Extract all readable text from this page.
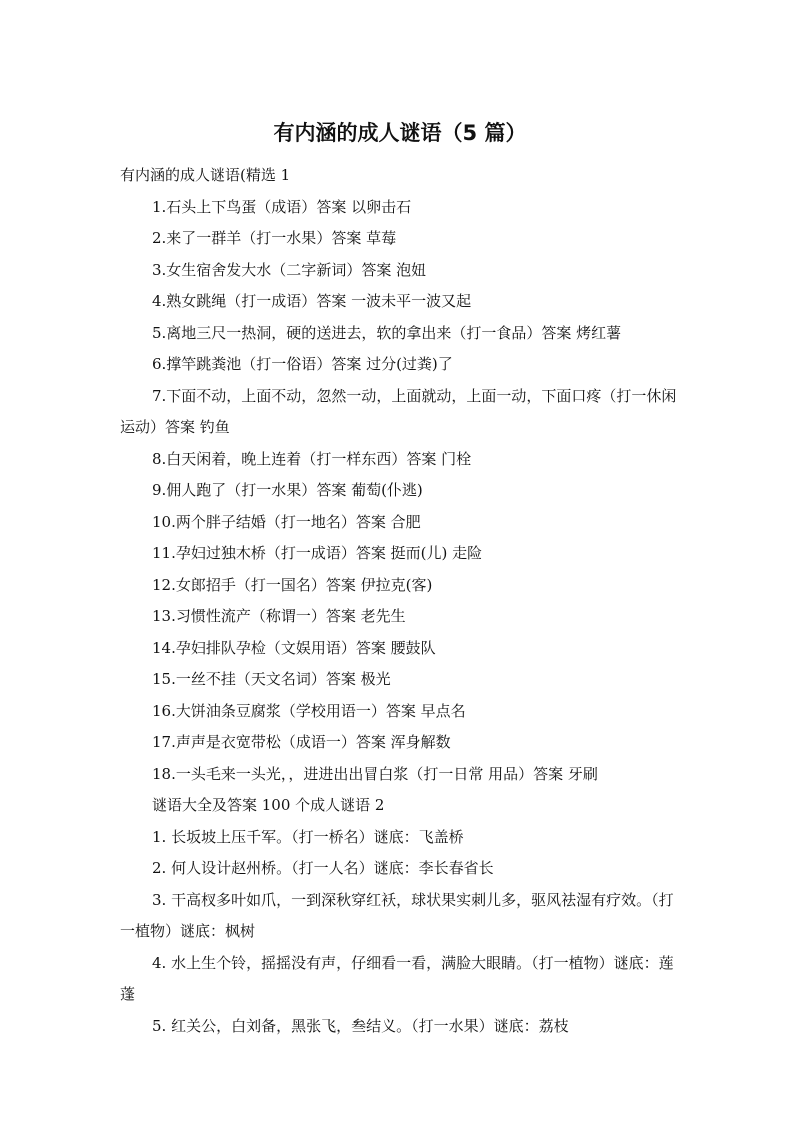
有内涵的成人谜语（5 篇）

有内涵的成人谜语(精选 1

1.石头上下鸟蛋（成语）答案 以卵击石

2.来了一群羊（打一水果）答案 草莓

3.女生宿舍发大水（二字新词）答案 泡妞

4.熟女跳绳（打一成语）答案 一波未平一波又起

5.离地三尺一热洞，硬的送进去，软的拿出来（打一食品）答案 烤红薯

6.撑竿跳粪池（打一俗语）答案 过分(过粪)了

7.下面不动，上面不动，忽然一动，上面就动，上面一动，下面口疼（打一休闲运动）答案 钓鱼

8.白天闲着，晚上连着（打一样东西）答案 门栓

9.佣人跑了（打一水果）答案 葡萄(仆逃)

10.两个胖子结婚（打一地名）答案 合肥

11.孕妇过独木桥（打一成语）答案 挺而(儿) 走险

12.女郎招手（打一国名）答案 伊拉克(客)

13.习惯性流产（称谓一）答案 老先生

14.孕妇排队孕检（文娱用语）答案 腰鼓队

15.一丝不挂（天文名词）答案 极光

16.大饼油条豆腐浆（学校用语一）答案 早点名

17.声声是衣宽带松（成语一）答案 浑身解数

18.一头毛来一头光，，进进出出冒白浆（打一日常 用品）答案 牙刷

谜语大全及答案 100 个成人谜语 2

1. 长坂坡上压千军。（打一桥名）谜底：飞盖桥

2. 何人设计赵州桥。（打一人名）谜底：李长春省长

3. 干高杈多叶如爪，一到深秋穿红袄，球状果实刺儿多，驱风祛湿有疗效。（打一植物）谜底：枫树

4. 水上生个铃，摇摇没有声，仔细看一看，满脸大眼睛。（打一植物）谜底：莲蓬

5. 红关公，白刘备，黑张飞，叁结义。（打一水果）谜底：荔枝
